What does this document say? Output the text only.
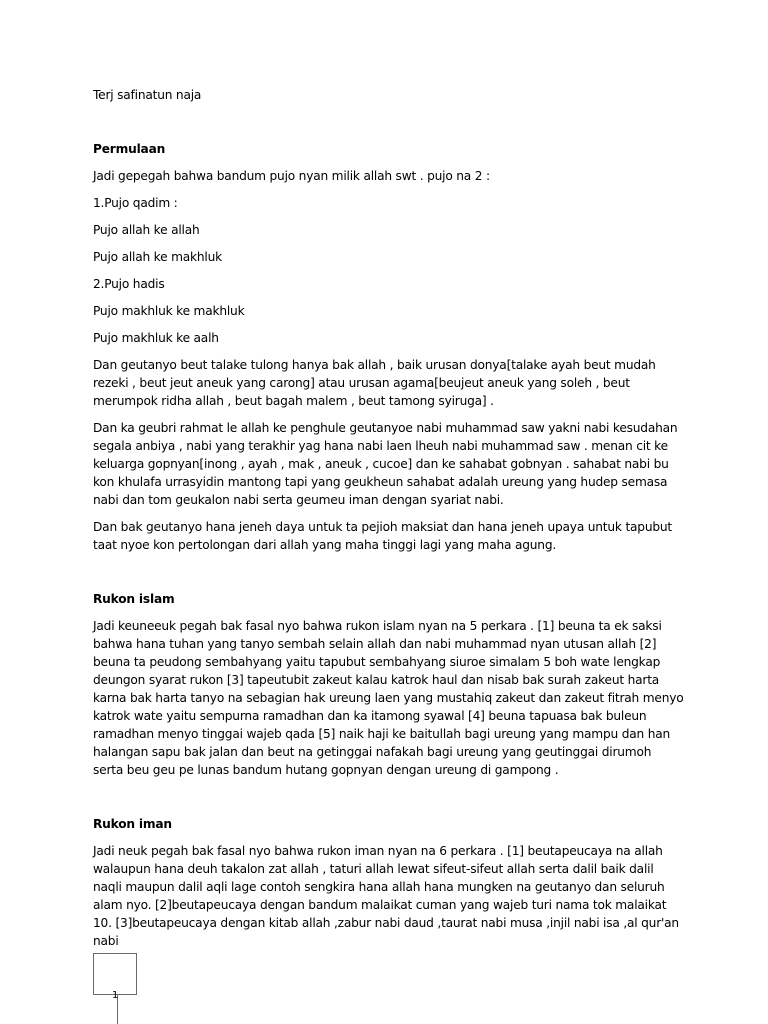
Terj safinatun naja

Permulaan

Jadi gepegah bahwa bandum pujo nyan milik allah swt . pujo na 2 :

1.Pujo qadim :

Pujo allah ke allah

Pujo allah ke makhluk

2.Pujo hadis

Pujo makhluk ke makhluk

Pujo makhluk ke aalh

Dan geutanyo beut talake tulong hanya bak allah , baik urusan donya[talake ayah beut mudah rezeki , beut jeut aneuk yang carong] atau urusan agama[beujeut aneuk yang soleh , beut merumpok ridha allah , beut bagah malem , beut tamong syiruga] .

Dan ka geubri rahmat le allah ke penghule geutanyoe nabi muhammad saw yakni nabi kesudahan segala anbiya , nabi yang terakhir yag hana nabi laen lheuh nabi muhammad saw . menan cit ke keluarga gopnyan[inong , ayah , mak , aneuk , cucoe] dan ke sahabat gobnyan . sahabat nabi bu kon khulafa urrasyidin mantong tapi yang geukheun sahabat adalah ureung yang hudep semasa nabi dan tom geukalon nabi serta geumeu iman dengan syariat nabi.

Dan bak geutanyo hana jeneh daya untuk ta pejioh maksiat dan hana jeneh upaya untuk tapubut taat nyoe kon pertolongan dari allah yang maha tinggi lagi yang maha agung.

Rukon islam

Jadi keuneeuk pegah bak fasal nyo bahwa rukon islam nyan na 5 perkara . [1] beuna ta ek saksi bahwa hana tuhan yang tanyo sembah selain allah dan nabi muhammad nyan utusan allah [2] beuna ta peudong sembahyang yaitu tapubut sembahyang siuroe simalam 5 boh wate lengkap deungon syarat rukon [3] tapeutubit zakeut kalau katrok haul dan nisab bak surah zakeut harta karna bak harta tanyo na sebagian hak ureung laen yang mustahiq zakeut dan zakeut fitrah menyo katrok wate yaitu sempurna ramadhan dan ka itamong syawal [4] beuna tapuasa bak buleun ramadhan menyo tinggai wajeb qada [5] naik haji ke baitullah bagi ureung yang mampu dan han halangan sapu bak jalan dan beut na getinggai nafakah bagi ureung yang geutinggai dirumoh serta beu geu pe lunas bandum hutang gopnyan dengan ureung di gampong .

Rukon iman

Jadi neuk pegah bak fasal nyo bahwa rukon iman nyan na 6 perkara . [1] beutapeucaya na allah walaupun hana deuh takalon zat allah , taturi allah lewat sifeut-sifeut allah serta dalil baik dalil naqli maupun dalil aqli lage contoh sengkira hana allah hana mungken na geutanyo dan seluruh alam nyo. [2]beutapeucaya dengan bandum malaikat cuman yang wajeb turi nama tok malaikat 10. [3]beutapeucaya dengan kitab allah ,zabur nabi daud ,taurat nabi musa ,injil nabi isa ,al qur'an nabi

1
